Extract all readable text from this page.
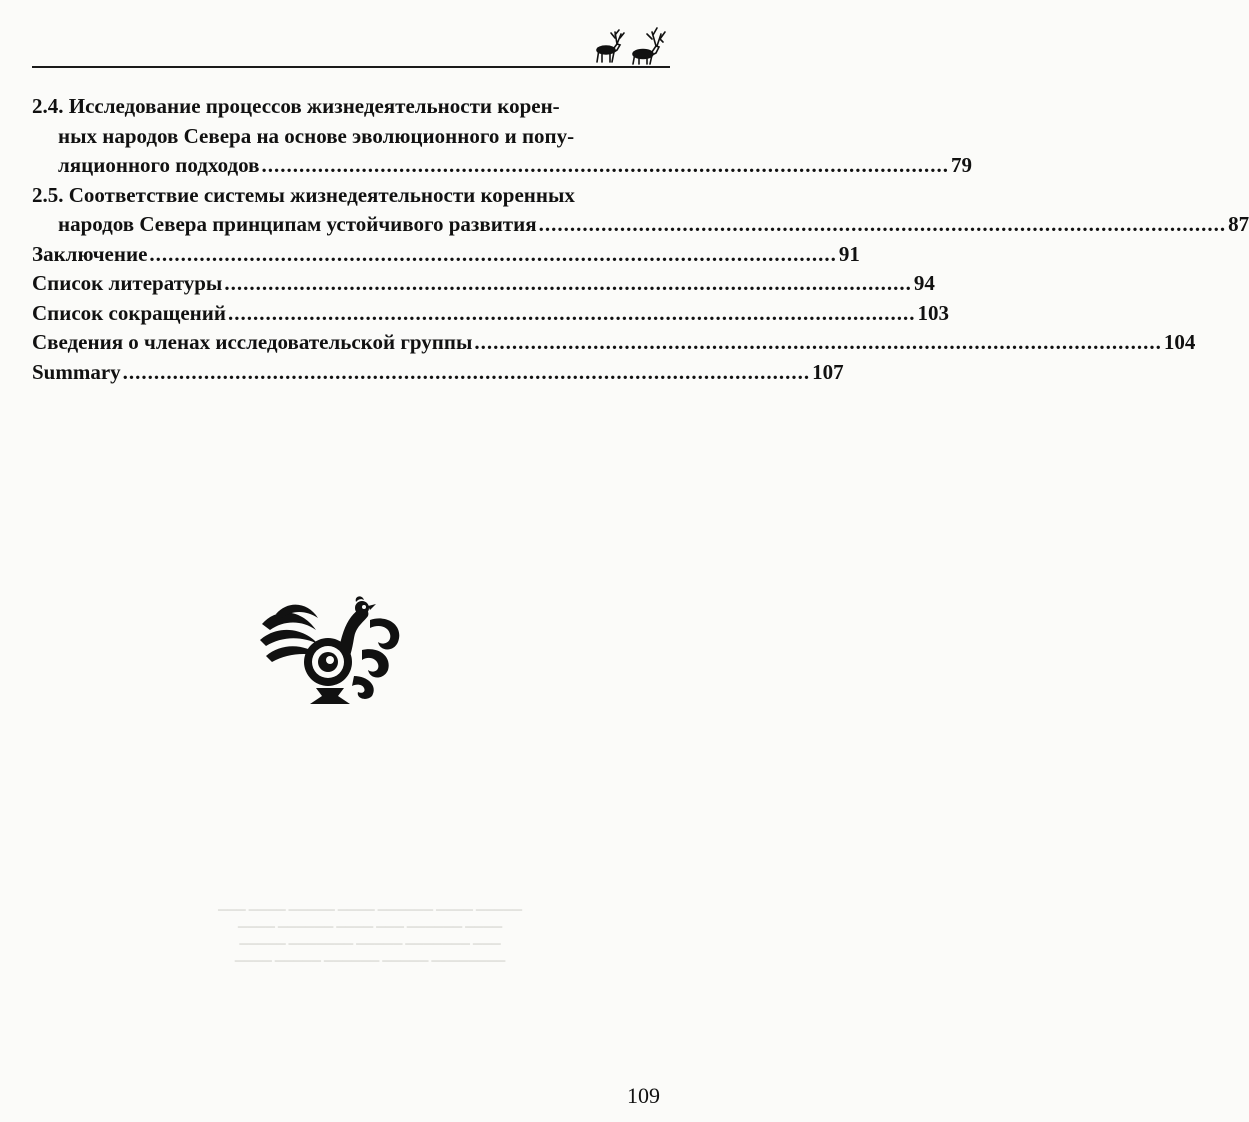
2.4. Исследование процессов жизнедеятельности корен-
ных народов Севера на основе эволюционного и попу-
ляционного подходов .............................................................................................................. 79
2.5. Соответствие системы жизнедеятельности коренных
народов Севера принципам устойчивого развития .............................................................................................................. 87
Заключение .............................................................................................................. 91
Список литературы .............................................................................................................. 94
Список сокращений .............................................................................................................. 103
Сведения о членах исследовательской группы .............................................................................................................. 104
Summary .............................................................................................................. 107
▁▁▁ ▁▁▁▁ ▁▁▁▁▁ ▁▁▁▁ ▁▁▁▁▁▁ ▁▁▁▁ ▁▁▁▁▁
▁▁▁▁ ▁▁▁▁▁▁ ▁▁▁▁ ▁▁▁ ▁▁▁▁▁▁ ▁▁▁▁
▁▁▁▁▁ ▁▁▁▁▁▁▁ ▁▁▁▁▁ ▁▁▁▁▁▁▁ ▁▁▁
▁▁▁▁ ▁▁▁▁▁ ▁▁▁▁▁▁ ▁▁▁▁▁ ▁▁▁▁▁▁▁▁
109
